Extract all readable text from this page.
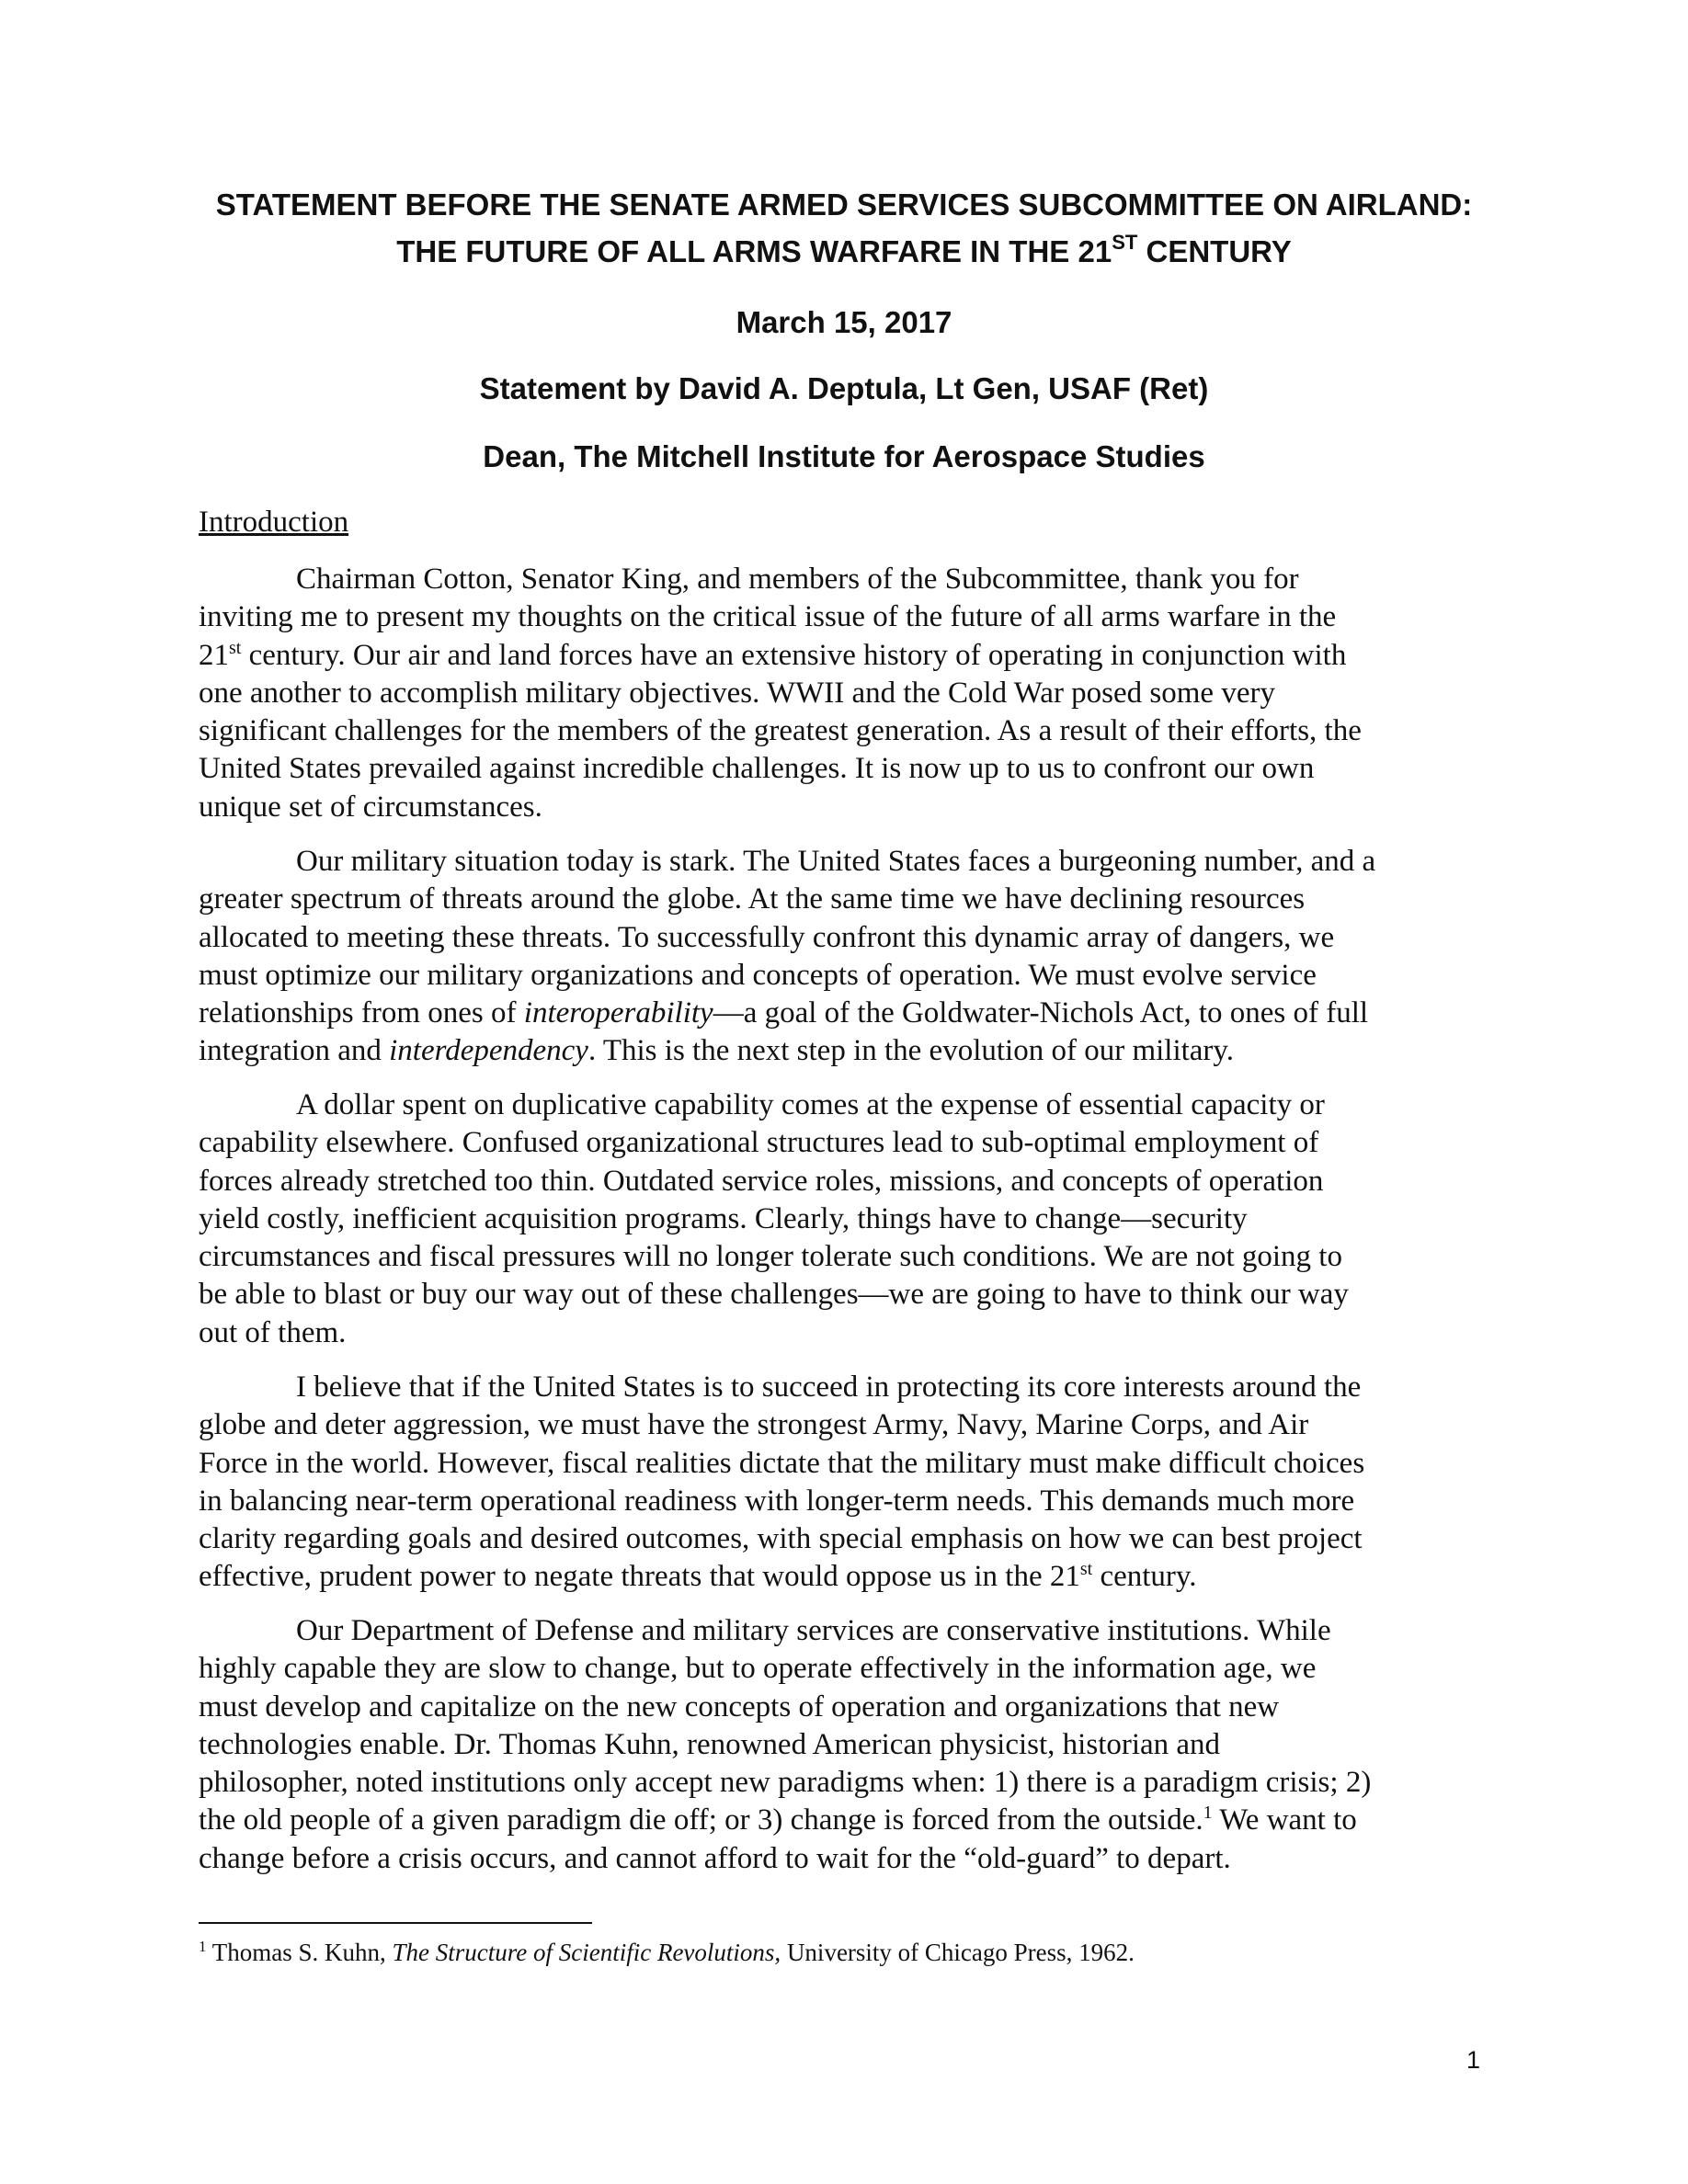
STATEMENT BEFORE THE SENATE ARMED SERVICES SUBCOMMITTEE ON AIRLAND:
THE FUTURE OF ALL ARMS WARFARE IN THE 21ST CENTURY
March 15, 2017
Statement by David A. Deptula, Lt Gen, USAF (Ret)
Dean, The Mitchell Institute for Aerospace Studies
Introduction
Chairman Cotton, Senator King, and members of the Subcommittee, thank you for
inviting me to present my thoughts on the critical issue of the future of all arms warfare in the
21st century. Our air and land forces have an extensive history of operating in conjunction with
one another to accomplish military objectives. WWII and the Cold War posed some very
significant challenges for the members of the greatest generation. As a result of their efforts, the
United States prevailed against incredible challenges. It is now up to us to confront our own
unique set of circumstances.
Our military situation today is stark. The United States faces a burgeoning number, and a
greater spectrum of threats around the globe. At the same time we have declining resources
allocated to meeting these threats. To successfully confront this dynamic array of dangers, we
must optimize our military organizations and concepts of operation. We must evolve service
relationships from ones of interoperability—a goal of the Goldwater-Nichols Act, to ones of full
integration and interdependency. This is the next step in the evolution of our military.
A dollar spent on duplicative capability comes at the expense of essential capacity or
capability elsewhere. Confused organizational structures lead to sub-optimal employment of
forces already stretched too thin. Outdated service roles, missions, and concepts of operation
yield costly, inefficient acquisition programs. Clearly, things have to change—security
circumstances and fiscal pressures will no longer tolerate such conditions. We are not going to
be able to blast or buy our way out of these challenges—we are going to have to think our way
out of them.
I believe that if the United States is to succeed in protecting its core interests around the
globe and deter aggression, we must have the strongest Army, Navy, Marine Corps, and Air
Force in the world. However, fiscal realities dictate that the military must make difficult choices
in balancing near-term operational readiness with longer-term needs. This demands much more
clarity regarding goals and desired outcomes, with special emphasis on how we can best project
effective, prudent power to negate threats that would oppose us in the 21st century.
Our Department of Defense and military services are conservative institutions. While
highly capable they are slow to change, but to operate effectively in the information age, we
must develop and capitalize on the new concepts of operation and organizations that new
technologies enable. Dr. Thomas Kuhn, renowned American physicist, historian and
philosopher, noted institutions only accept new paradigms when: 1) there is a paradigm crisis; 2)
the old people of a given paradigm die off; or 3) change is forced from the outside.$^1$ We want to
change before a crisis occurs, and cannot afford to wait for the “old-guard” to depart.
$^1$ Thomas S. Kuhn, The Structure of Scientific Revolutions, University of Chicago Press, 1962.
1
